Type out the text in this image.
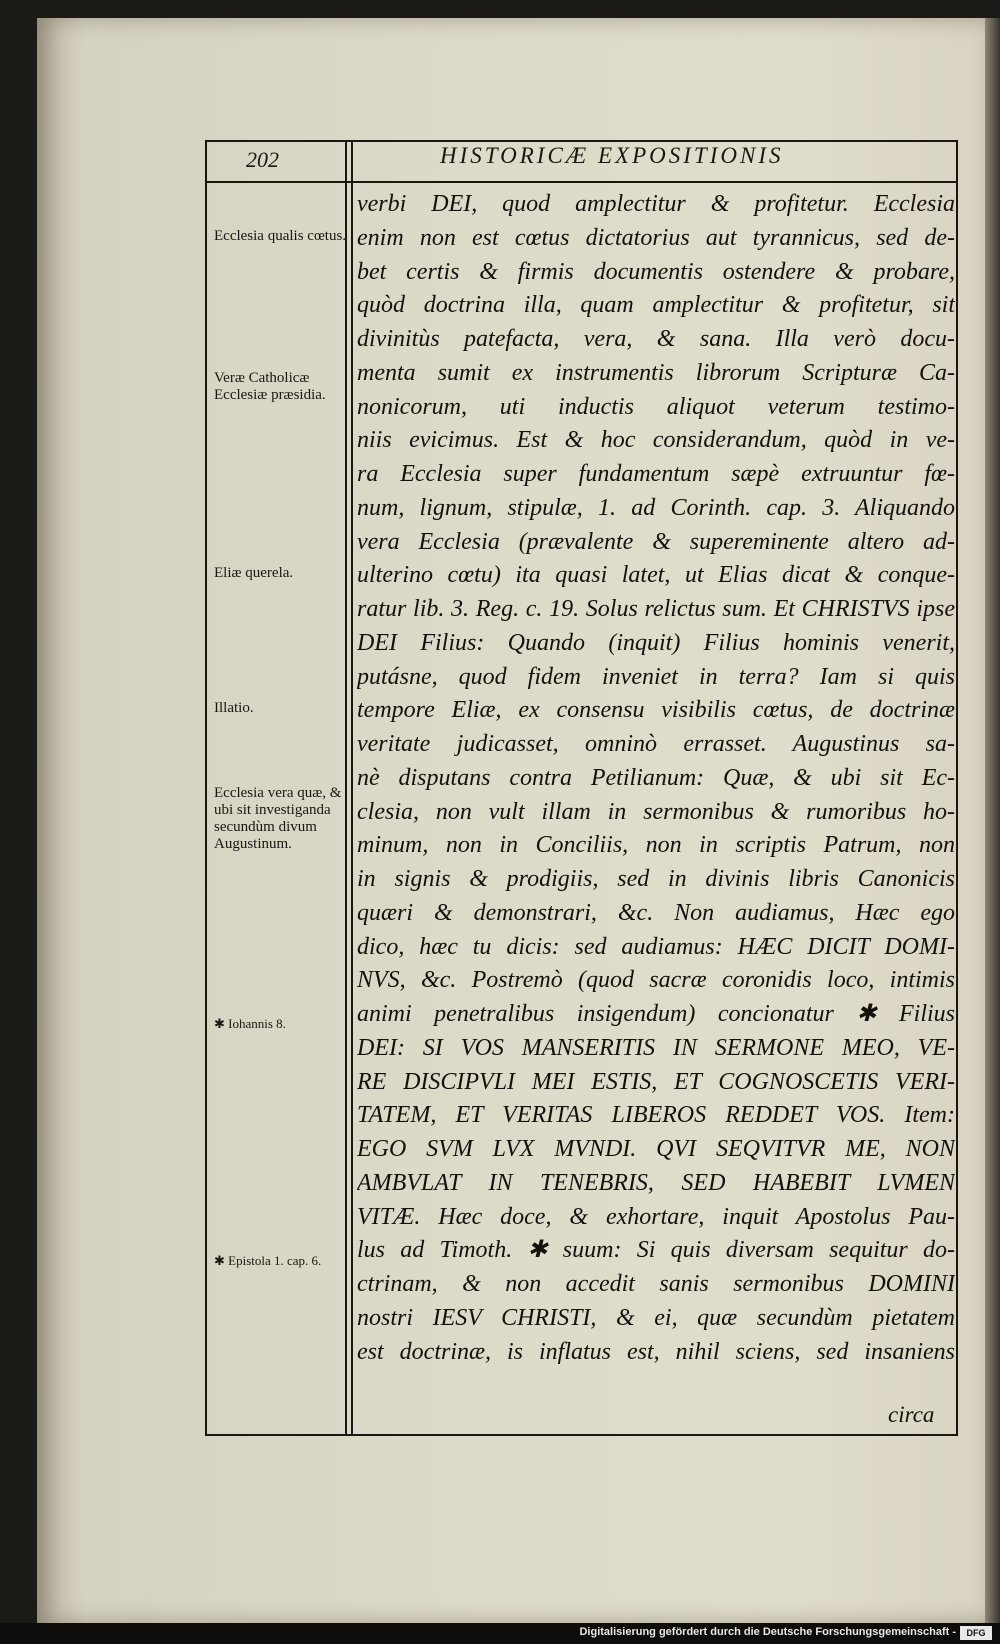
202	HISTORICÆ EXPOSITIONIS
verbi DEI, quod amplectitur & profitetur. Ecclesia
enim non est cœtus dictatorius aut tyrannicus, sed de-
bet certis & firmis documentis ostendere & probare,
quòd doctrina illa, quam amplectitur & profitetur, sit
divinitùs patefacta, vera, & sana. Illa verò docu-
menta sumit ex instrumentis librorum Scripturæ Ca-
nonicorum, uti inductis aliquot veterum testimo-
niis evicimus. Est & hoc considerandum, quòd in ve-
ra Ecclesia super fundamentum sæpè extruuntur fœ-
num, lignum, stipulæ, 1. ad Corinth. cap. 3. Aliquando
vera Ecclesia (prævalente & supereminente altero ad-
ulterino cœtu) ita quasi latet, ut Elias dicat & conque-
ratur lib. 3. Reg. c. 19. Solus relictus sum. Et CHRISTVS ipse
DEI Filius: Quando (inquit) Filius hominis venerit,
putásne, quod fidem inveniet in terra? Iam si quis
tempore Eliæ, ex consensu visibilis cœtus, de doctrinæ
veritate judicasset, omninò errasset. Augustinus sa-
nè disputans contra Petilianum: Quæ, & ubi sit Ec-
clesia, non vult illam in sermonibus & rumoribus ho-
minum, non in Conciliis, non in scriptis Patrum, non
in signis & prodigiis, sed in divinis libris Canonicis
quæri & demonstrari, &c. Non audiamus, Hæc ego
dico, hæc tu dicis: sed audiamus: HÆC DICIT DOMI-
NVS, &c. Postremò (quod sacræ coronidis loco, intimis
animi penetralibus insigendum) concionatur ✱ Filius
DEI: SI VOS MANSERITIS IN SERMONE MEO, VE-
RE DISCIPVLI MEI ESTIS, ET COGNOSCETIS VERI-
TATEM, ET VERITAS LIBEROS REDDET VOS. Item:
EGO SVM LVX MVNDI. QVI SEQVITVR ME, NON
AMBVLAT IN TENEBRIS, SED HABEBIT LVMEN
VITÆ. Hæc doce, & exhortare, inquit Apostolus Pau-
lus ad Timoth. ✱ suum: Si quis diversam sequitur do-
ctrinam, & non accedit sanis sermonibus DOMINI
nostri IESV CHRISTI, & ei, quæ secundùm pietatem
est doctrinæ, is inflatus est, nihil sciens, sed insaniens
Ecclesia qualis cœtus.
Veræ Catholicæ Ecclesiæ præsidia.
Eliæ querela.
Illatio.
Ecclesia vera quæ, & ubi sit investiganda secundùm divum Augustinum.
✱ Iohannis 8.
✱ Epistola 1. cap. 6.
circa
Digitalisierung gefördert durch die Deutsche Forschungsgemeinschaft -	DFG
